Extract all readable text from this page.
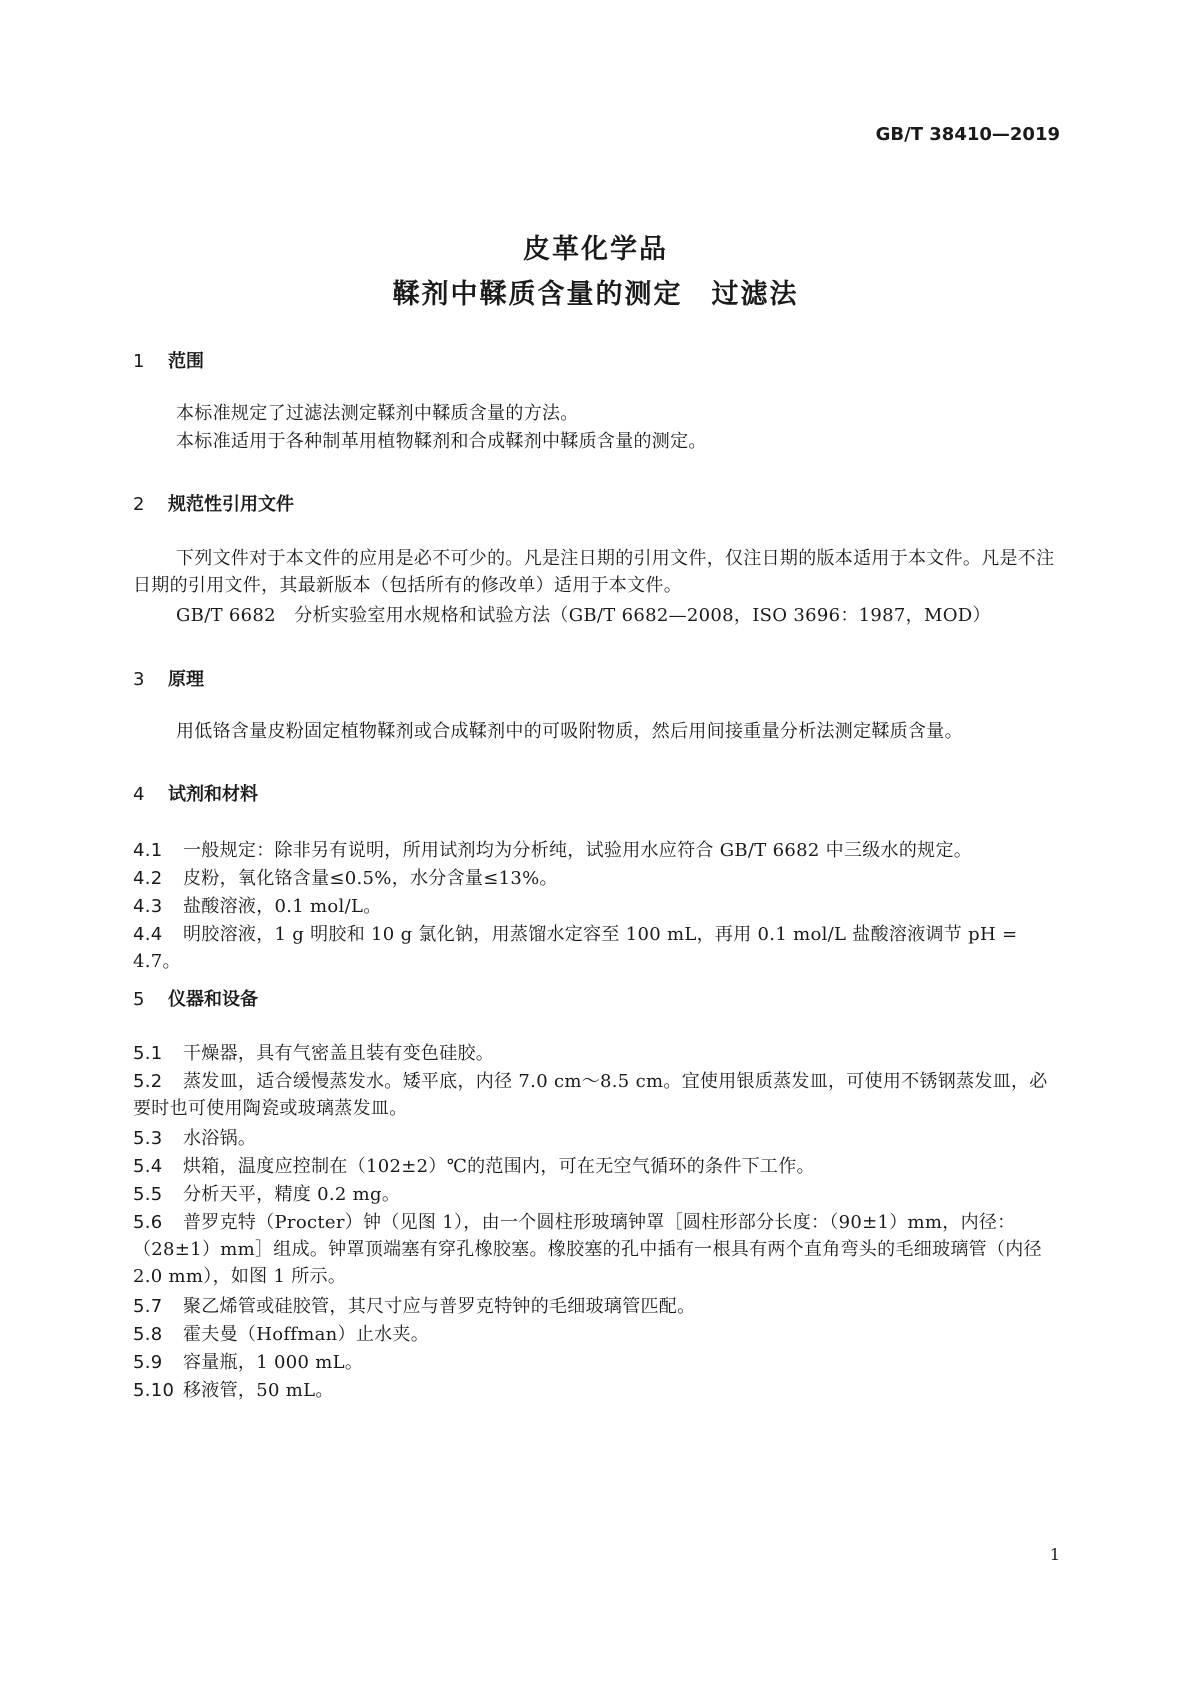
GB/T 38410—2019
皮革化学品
鞣剂中鞣质含量的测定　过滤法
1 范围
本标准规定了过滤法测定鞣剂中鞣质含量的方法。
本标准适用于各种制革用植物鞣剂和合成鞣剂中鞣质含量的测定。
2 规范性引用文件
下列文件对于本文件的应用是必不可少的。凡是注日期的引用文件，仅注日期的版本适用于本文件。凡是不注日期的引用文件，其最新版本（包括所有的修改单）适用于本文件。
GB/T 6682　分析实验室用水规格和试验方法（GB/T 6682—2008，ISO 3696：1987，MOD）
3 原理
用低铬含量皮粉固定植物鞣剂或合成鞣剂中的可吸附物质，然后用间接重量分析法测定鞣质含量。
4 试剂和材料
4.1 一般规定：除非另有说明，所用试剂均为分析纯，试验用水应符合 GB/T 6682 中三级水的规定。
4.2 皮粉，氧化铬含量≤0.5%，水分含量≤13%。
4.3 盐酸溶液，0.1 mol/L。
4.4 明胶溶液，1 g 明胶和 10 g 氯化钠，用蒸馏水定容至 100 mL，再用 0.1 mol/L 盐酸溶液调节 pH = 4.7。
5 仪器和设备
5.1 干燥器，具有气密盖且装有变色硅胶。
5.2 蒸发皿，适合缓慢蒸发水。矮平底，内径 7.0 cm～8.5 cm。宜使用银质蒸发皿，可使用不锈钢蒸发皿，必要时也可使用陶瓷或玻璃蒸发皿。
5.3 水浴锅。
5.4 烘箱，温度应控制在（102±2）℃的范围内，可在无空气循环的条件下工作。
5.5 分析天平，精度 0.2 mg。
5.6 普罗克特（Procter）钟（见图 1），由一个圆柱形玻璃钟罩［圆柱形部分长度：（90±1）mm，内径：（28±1）mm］组成。钟罩顶端塞有穿孔橡胶塞。橡胶塞的孔中插有一根具有两个直角弯头的毛细玻璃管（内径 2.0 mm），如图 1 所示。
5.7 聚乙烯管或硅胶管，其尺寸应与普罗克特钟的毛细玻璃管匹配。
5.8 霍夫曼（Hoffman）止水夹。
5.9 容量瓶，1 000 mL。
5.10 移液管，50 mL。
1
